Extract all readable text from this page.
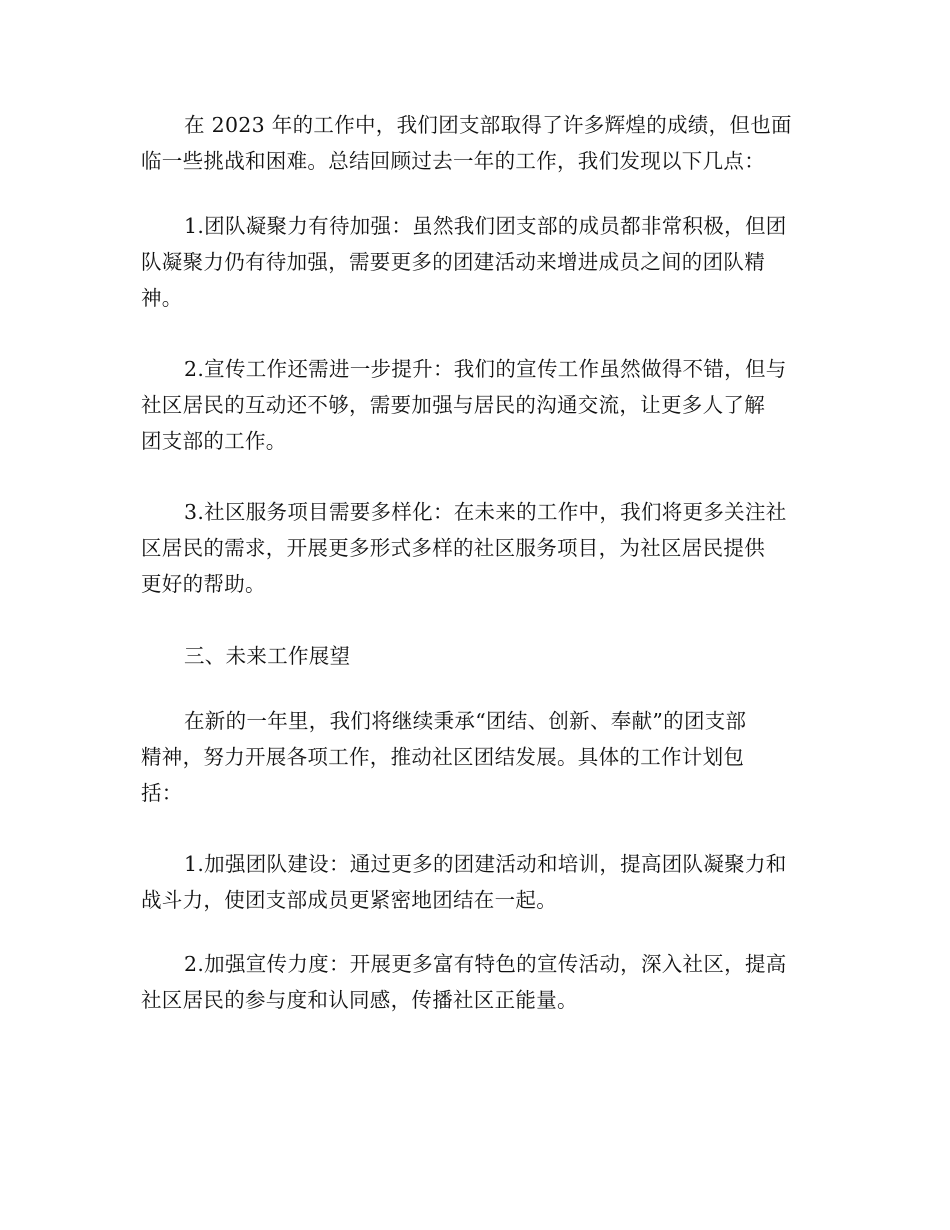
在 2023 年的工作中，我们团支部取得了许多辉煌的成绩，但也面
临一些挑战和困难。总结回顾过去一年的工作，我们发现以下几点：

1.团队凝聚力有待加强：虽然我们团支部的成员都非常积极，但团
队凝聚力仍有待加强，需要更多的团建活动来增进成员之间的团队精
神。

2.宣传工作还需进一步提升：我们的宣传工作虽然做得不错，但与
社区居民的互动还不够，需要加强与居民的沟通交流，让更多人了解
团支部的工作。

3.社区服务项目需要多样化：在未来的工作中，我们将更多关注社
区居民的需求，开展更多形式多样的社区服务项目，为社区居民提供
更好的帮助。

三、未来工作展望

在新的一年里，我们将继续秉承“团结、创新、奉献”的团支部
精神，努力开展各项工作，推动社区团结发展。具体的工作计划包
括：

1.加强团队建设：通过更多的团建活动和培训，提高团队凝聚力和
战斗力，使团支部成员更紧密地团结在一起。

2.加强宣传力度：开展更多富有特色的宣传活动，深入社区，提高
社区居民的参与度和认同感，传播社区正能量。
